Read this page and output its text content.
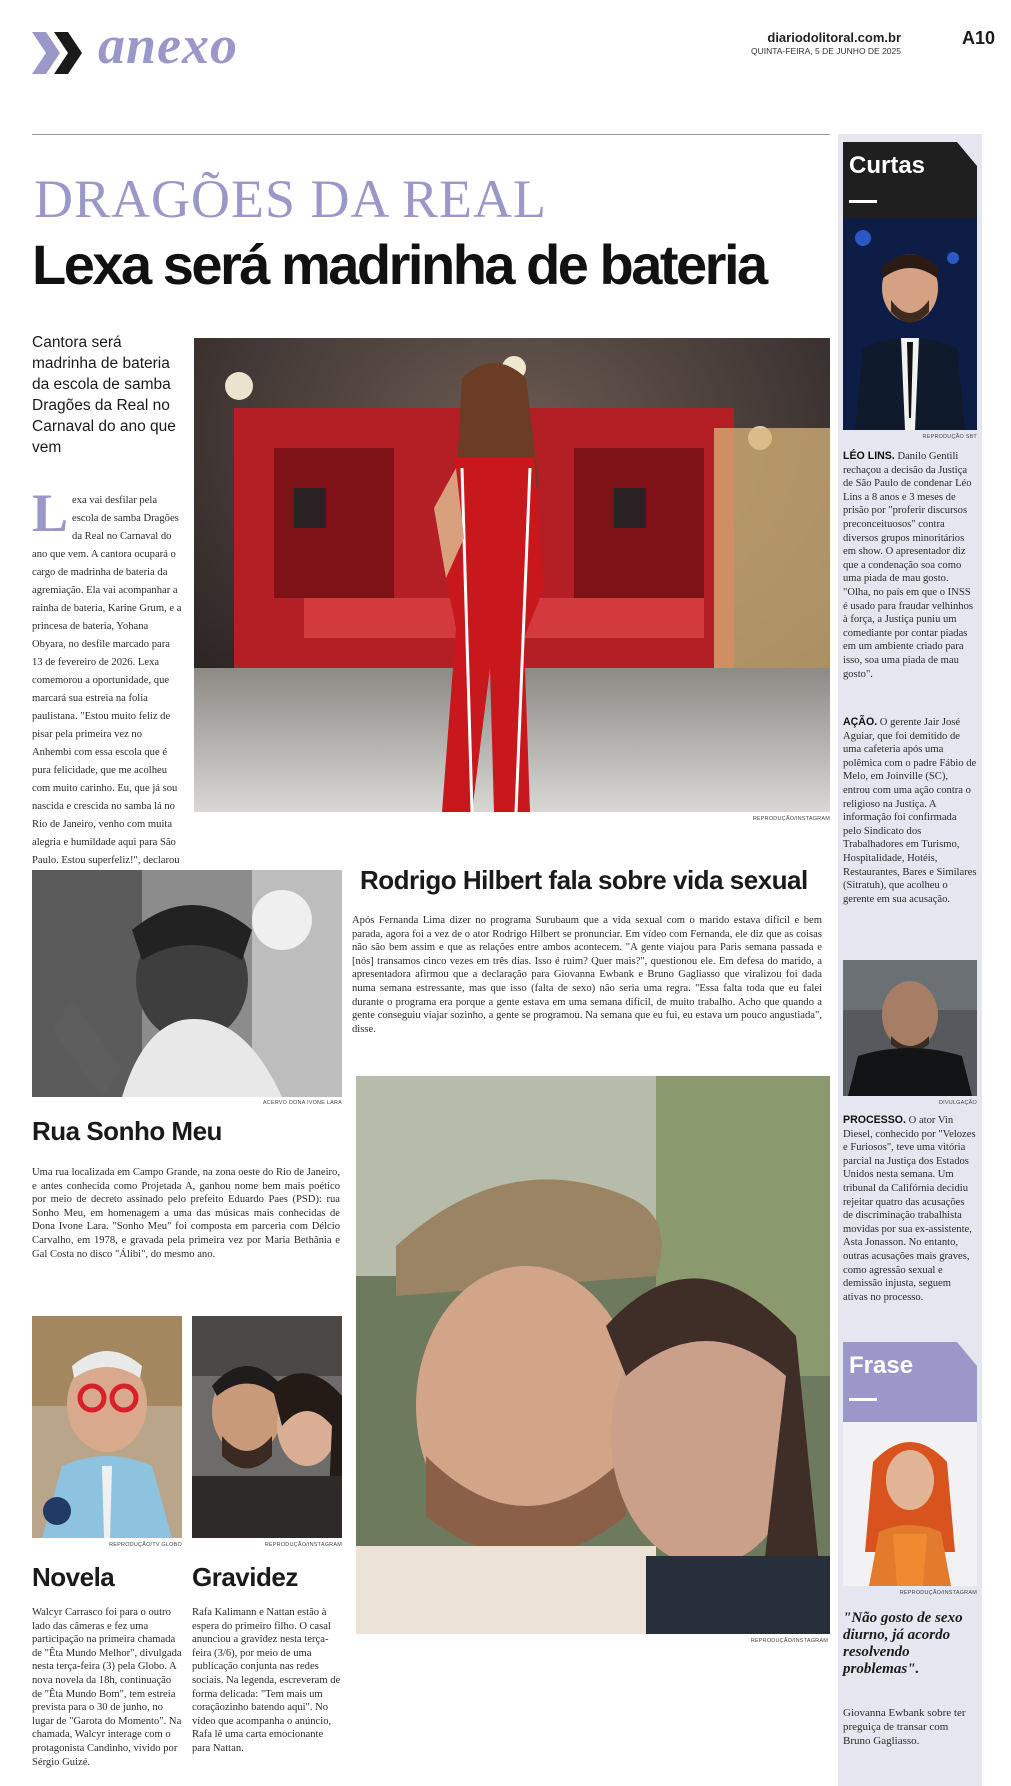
anexo	diariodolitoral.com.br
QUINTA-FEIRA, 5 DE JUNHO DE 2025
A10
DRAGÕES DA REAL
Lexa será madrinha de bateria
Cantora será madrinha de bateria da escola de samba Dragões da Real no Carnaval do ano que vem
L exa vai desfilar pela escola de samba Dragões da Real no Carnaval do ano que vem. A cantora ocupará o cargo de madrinha de bateria da agremiação. Ela vai acompanhar a rainha de bateria, Karine Grum, e a princesa de bateria, Yohana Obyara, no desfile marcado para 13 de fevereiro de 2026. Lexa comemorou a oportunidade, que marcará sua estreia na folia paulistana. "Estou muito feliz de pisar pela primeira vez no Anhembi com essa escola que é pura felicidade, que me acolheu com muito carinho. Eu, que já sou nascida e crescida no samba lá no Rio de Janeiro, venho com muita alegria e humildade aqui para São Paulo. Estou superfeliz!", declarou
REPRODUÇÃO/INSTAGRAM
Rodrigo Hilbert fala sobre vida sexual
Após Fernanda Lima dizer no programa Surubaum que a vida sexual com o marido estava difícil e bem parada, agora foi a vez de o ator Rodrigo Hilbert se pronunciar. Em vídeo com Fernanda, ele diz que as coisas não são bem assim e que as relações entre ambos acontecem. "A gente viajou para Paris semana passada e [nós] transamos cinco vezes em três dias. Isso é ruim? Quer mais?", questionou ele. Em defesa do marido, a apresentadora afirmou que a declaração para Giovanna Ewbank e Bruno Gagliasso que viralizou foi dada numa semana estressante, mas que isso (falta de sexo) não seria uma regra. "Essa falta toda que eu falei durante o programa era porque a gente estava em uma semana difícil, de muito trabalho. Acho que quando a gente conseguiu viajar sozinho, a gente se programou. Na semana que eu fui, eu estava um pouco angustiada", disse.
REPRODUÇÃO/INSTAGRAM
ACERVO DONA IVONE LARA
Rua Sonho Meu
Uma rua localizada em Campo Grande, na zona oeste do Rio de Janeiro, e antes conhecida como Projetada A, ganhou nome bem mais poético por meio de decreto assinado pelo prefeito Eduardo Paes (PSD): rua Sonho Meu, em homenagem a uma das músicas mais conhecidas de Dona Ivone Lara. "Sonho Meu" foi composta em parceria com Délcio Carvalho, em 1978, e gravada pela primeira vez por Maria Bethânia e Gal Costa no disco "Álibi", do mesmo ano.
REPRODUÇÃO/TV GLOBO
Novela
Walcyr Carrasco foi para o outro lado das câmeras e fez uma participação na primeira chamada de "Êta Mundo Melhor", divulgada nesta terça-feira (3) pela Globo. A nova novela da 18h, continuação de "Êta Mundo Bom", tem estreia prevista para o 30 de junho, no lugar de "Garota do Momento". Na chamada, Walcyr interage com o protagonista Candinho, vivido por Sérgio Guizé.
REPRODUÇÃO/INSTAGRAM
Gravidez
Rafa Kalimann e Nattan estão à espera do primeiro filho. O casal anunciou a gravidez nesta terça-feira (3/6), por meio de uma publicação conjunta nas redes sociais. Na legenda, escreveram de forma delicada: "Tem mais um coraçãozinho batendo aqui". No vídeo que acompanha o anúncio, Rafa lê uma carta emocionante para Nattan.
Curtas
REPRODUÇÃO SBT
LÉO LINS. Danilo Gentili rechaçou a decisão da Justiça de São Paulo de condenar Léo Lins a 8 anos e 3 meses de prisão por "proferir discursos preconceituosos" contra diversos grupos minoritários em show. O apresentador diz que a condenação soa como uma piada de mau gosto. "Olha, no país em que o INSS é usado para fraudar velhinhos à força, a Justiça puniu um comediante por contar piadas em um ambiente criado para isso, soa uma piada de mau gosto".
AÇÃO. O gerente Jair José Aguiar, que foi demitido de uma cafeteria após uma polêmica com o padre Fábio de Melo, em Joinville (SC), entrou com uma ação contra o religioso na Justiça. A informação foi confirmada pelo Sindicato dos Trabalhadores em Turismo, Hospitalidade, Hotéis, Restaurantes, Bares e Similares (Sitratuh), que acolheu o gerente em sua acusação.
DIVULGAÇÃO
PROCESSO. O ator Vin Diesel, conhecido por "Velozes e Furiosos", teve uma vitória parcial na Justiça dos Estados Unidos nesta semana. Um tribunal da Califórnia decidiu rejeitar quatro das acusações de discriminação trabalhista movidas por sua ex-assistente, Asta Jonasson. No entanto, outras acusações mais graves, como agressão sexual e demissão injusta, seguem ativas no processo.
Frase
REPRODUÇÃO/INSTAGRAM
"Não gosto de sexo diurno, já acordo resolvendo problemas".
Giovanna Ewbank sobre ter preguiça de transar com Bruno Gagliasso.
